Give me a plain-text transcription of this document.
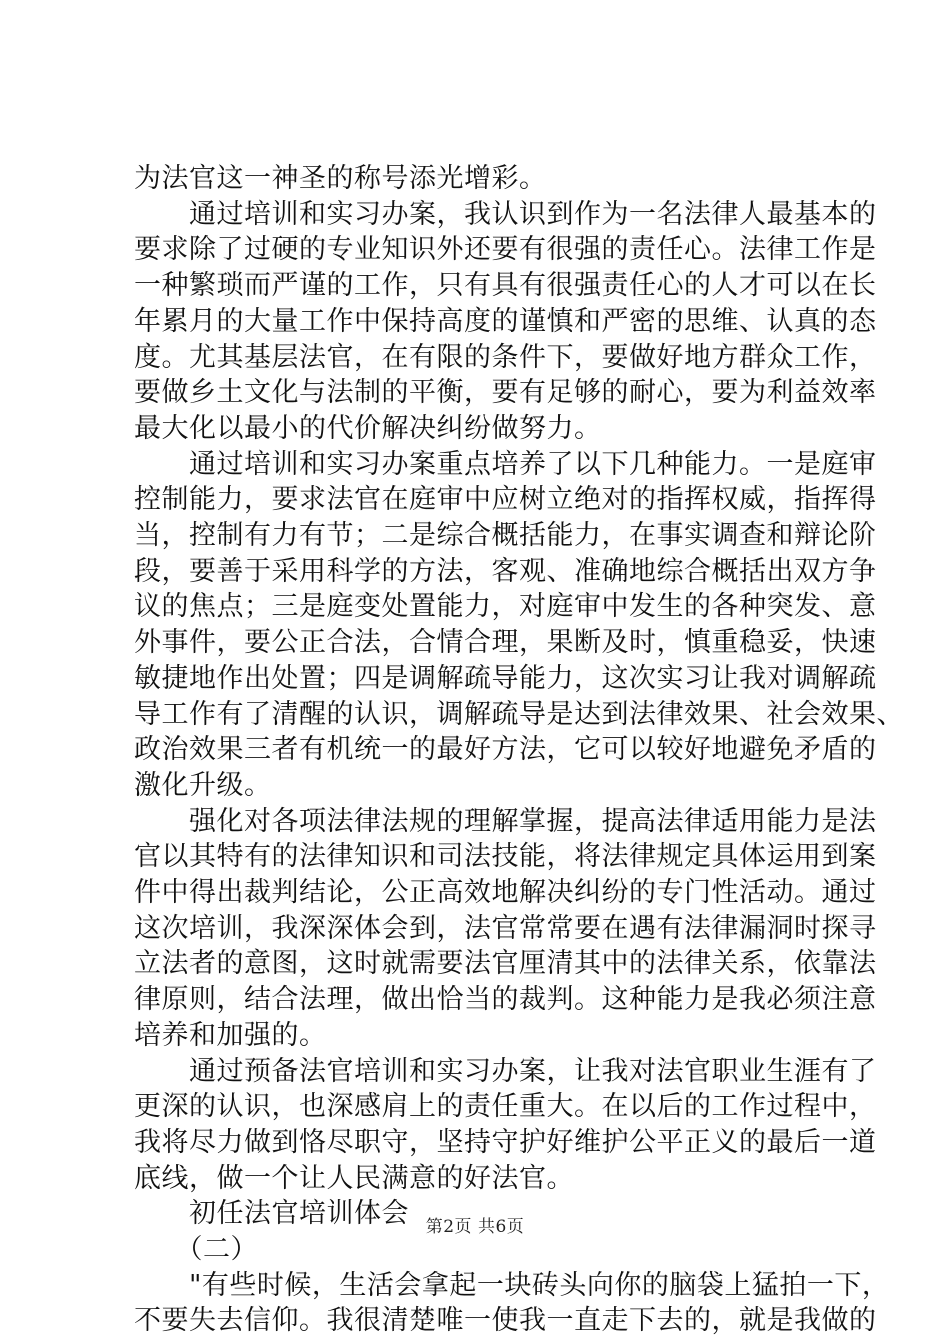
为法官这一神圣的称号添光增彩。
　　通过培训和实习办案，我认识到作为一名法律人最基本的
要求除了过硬的专业知识外还要有很强的责任心。法律工作是
一种繁琐而严谨的工作，只有具有很强责任心的人才可以在长
年累月的大量工作中保持高度的谨慎和严密的思维、认真的态
度。尤其基层法官，在有限的条件下，要做好地方群众工作，
要做乡土文化与法制的平衡，要有足够的耐心，要为利益效率
最大化以最小的代价解决纠纷做努力。
　　通过培训和实习办案重点培养了以下几种能力。一是庭审
控制能力，要求法官在庭审中应树立绝对的指挥权威，指挥得
当，控制有力有节；二是综合概括能力，在事实调查和辩论阶
段，要善于采用科学的方法，客观、准确地综合概括出双方争
议的焦点；三是庭变处置能力，对庭审中发生的各种突发、意
外事件，要公正合法，合情合理，果断及时，慎重稳妥，快速
敏捷地作出处置；四是调解疏导能力，这次实习让我对调解疏
导工作有了清醒的认识，调解疏导是达到法律效果、社会效果、
政治效果三者有机统一的最好方法，它可以较好地避免矛盾的
激化升级。
　　强化对各项法律法规的理解掌握，提高法律适用能力是法
官以其特有的法律知识和司法技能，将法律规定具体运用到案
件中得出裁判结论，公正高效地解决纠纷的专门性活动。通过
这次培训，我深深体会到，法官常常要在遇有法律漏洞时探寻
立法者的意图，这时就需要法官厘清其中的法律关系，依靠法
律原则，结合法理，做出恰当的裁判。这种能力是我必须注意
培养和加强的。
　　通过预备法官培训和实习办案，让我对法官职业生涯有了
更深的认识，也深感肩上的责任重大。在以后的工作过程中，
我将尽力做到恪尽职守，坚持守护好维护公平正义的最后一道
底线，做一个让人民满意的好法官。
　　初任法官培训体会
　　（二）
　　"有些时候，生活会拿起一块砖头向你的脑袋上猛拍一下，
不要失去信仰。我很清楚唯一使我一直走下去的，就是我做的
第2页 共6页
